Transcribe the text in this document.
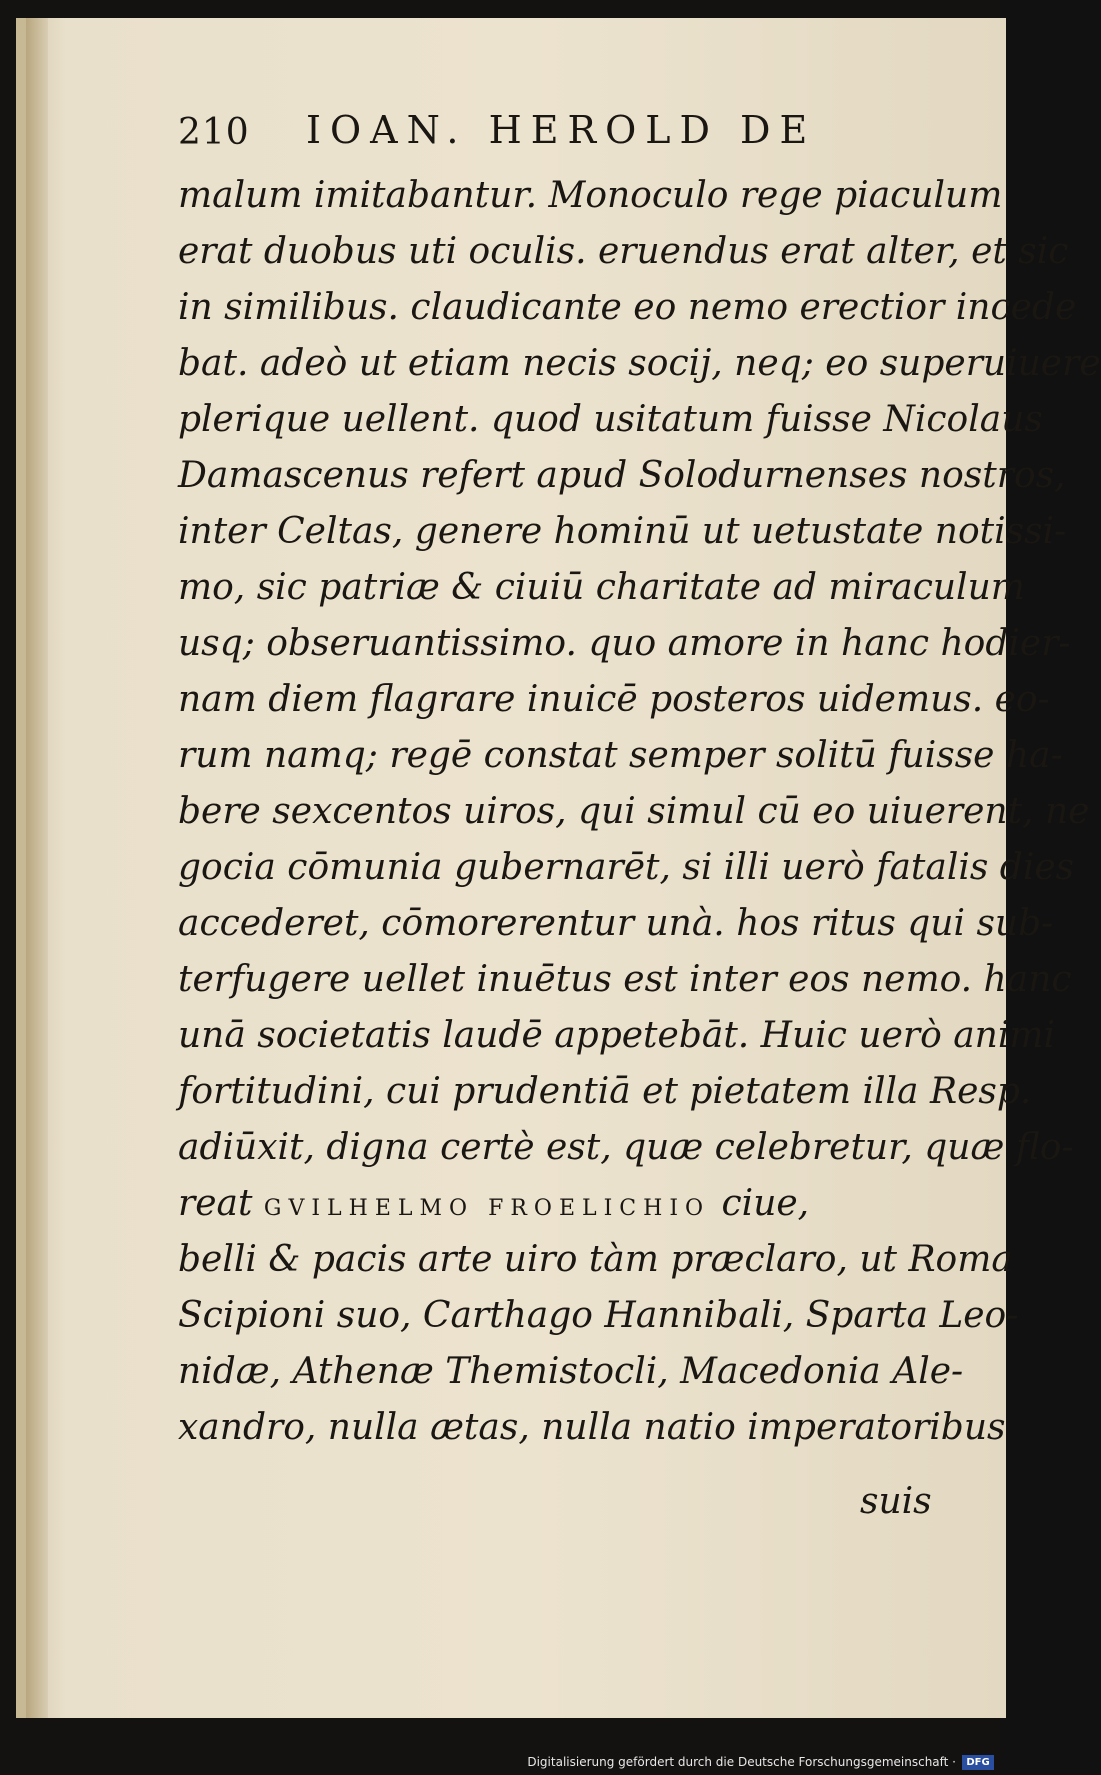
210 IOAN. HEROLD DE
malum imitabantur. Monoculo rege piaculum
erat duobus uti oculis. eruendus erat alter, et sic
in similibus. claudicante eo nemo erectior incede
bat. adeò ut etiam necis socij, neq; eo superuiuere
plerique uellent. quod usitatum fuisse Nicolaus
Damascenus refert apud Solodurnenses nostros,
inter Celtas, genere hominū ut uetustate notissi-
mo, sic patriæ & ciuiū charitate ad miraculum
usq; obseruantissimo. quo amore in hanc hodier-
nam diem flagrare inuicē posteros uidemus. eo-
rum namq; regē constat semper solitū fuisse ha-
bere sexcentos uiros, qui simul cū eo uiuerent, ne
gocia cōmunia gubernarēt, si illi uerò fatalis dies
accederet, cōmorerentur unà. hos ritus qui sub-
terfugere uellet inuētus est inter eos nemo. hanc
unā societatis laudē appetebāt. Huic uerò animi
fortitudini, cui prudentiā et pietatem illa Resp.
adiūxit, digna certè est, quæ celebretur, quæ flo-
reat GVILHELMO FROELICHIO ciue,
belli & pacis arte uiro tàm præclaro, ut Roma
Scipioni suo, Carthago Hannibali, Sparta Leo-
nidæ, Athenæ Themistocli, Macedonia Ale-
xandro, nulla ætas, nulla natio imperatoribus
suis
Digitalisierung gefördert durch die Deutsche Forschungsgemeinschaft ·	DFG
